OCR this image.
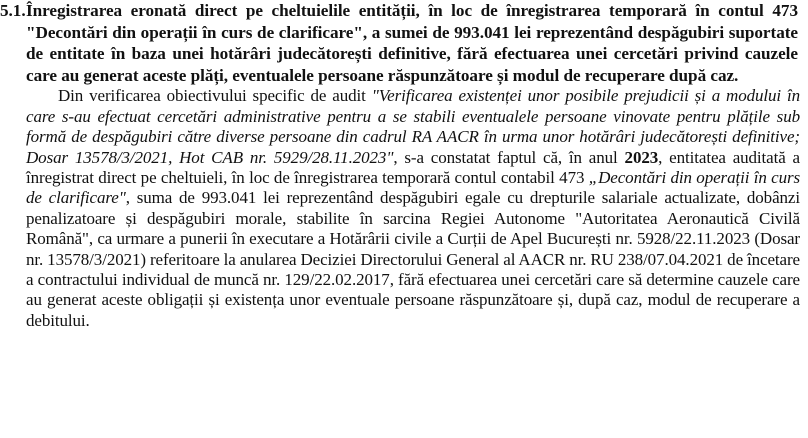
5.1.Înregistrarea eronată direct pe cheltuielile entității, în loc de înregistrarea temporară în contul 473 "Decontări din operații în curs de clarificare", a sumei de 993.041 lei reprezentând despăgubiri suportate de entitate în baza unei hotărâri judecătorești definitive, fără efectuarea unei cercetări privind cauzele care au generat aceste plăți, eventualele persoane răspunzătoare și modul de recuperare după caz.

Din verificarea obiectivului specific de audit "Verificarea existenței unor posibile prejudicii și a modului în care s-au efectuat cercetări administrative pentru a se stabili eventualele persoane vinovate pentru plățile sub formă de despăgubiri către diverse persoane din cadrul RA AACR în urma unor hotărâri judecătorești definitive; Dosar 13578/3/2021, Hot CAB nr. 5929/28.11.2023", s-a constatat faptul că, în anul 2023, entitatea auditată a înregistrat direct pe cheltuieli, în loc de înregistrarea temporară contul contabil 473 „Decontări din operații în curs de clarificare", suma de 993.041 lei reprezentând despăgubiri egale cu drepturile salariale actualizate, dobânzi penalizatoare și despăgubiri morale, stabilite în sarcina Regiei Autonome "Autoritatea Aeronautică Civilă Română", ca urmare a punerii în executare a Hotărârii civile a Curții de Apel București nr. 5928/22.11.2023 (Dosar nr. 13578/3/2021) referitoare la anularea Deciziei Directorului General al AACR nr. RU 238/07.04.2021 de încetare a contractului individual de muncă nr. 129/22.02.2017, fără efectuarea unei cercetări care să determine cauzele care au generat aceste obligații și existența unor eventuale persoane răspunzătoare și, după caz, modul de recuperare a debitului.
